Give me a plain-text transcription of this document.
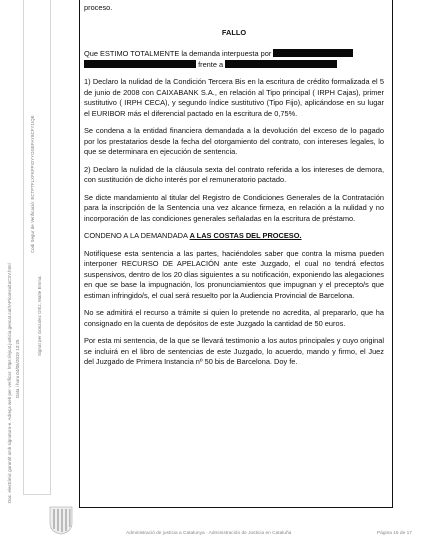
Doc. electrònic garantit amb signatura-e. Adreça web per verificar: https://ejcat.justicia.gencat.cat/IAP/consultaCSV.html
Codi Segur de Verificació: ECTPTFLXFKFPIOYYOGEFAY8CFY1IQE
Data i hora 04/06/2019 13:25
Signat per Gonzalez Ortiz, Maite Emma;

proceso.

FALLO

Que ESTIMO TOTALMENTE la demanda interpuesta por
frente a

1) Declaro la nulidad de la Condición Tercera Bis en la escritura de crédito formalizada el 5 de junio de 2008 con CAIXABANK S.A., en relación al Tipo principal ( IRPH Cajas), primer sustitutivo ( IRPH CECA), y segundo índice sustitutivo (Tipo Fijo), aplicándose en su lugar el EURIBOR más el diferencial pactado en la escritura de 0,75%.

Se condena a la entidad financiera demandada a la devolución del exceso de lo pagado por los prestatarios desde la fecha del otorgamiento del contrato, con intereses legales, lo que se determinara en ejecución de sentencia.

2) Declaro la nulidad de la cláusula sexta del contrato referida a los intereses de demora, con sustitución de dicho interés por el remuneratorio pactado.

Se dicte mandamiento al titular del Registro de Condiciones Generales de la Contratación para la inscripción de la Sentencia una vez alcance firmeza, en relación a la nulidad y no incorporación de las condiciones generales señaladas en la escritura de préstamo.

CONDENO A LA DEMANDADA A LAS COSTAS DEL PROCESO.

Notifíquese esta sentencia a las partes, haciéndoles saber que contra la misma pueden interponer RECURSO DE APELACIÓN ante este Juzgado, el cual no tendrá efectos suspensivos, dentro de los 20 días siguientes a su notificación, exponiendo las alegaciones en que se base la impugnación, los pronunciamientos que impugnan y el precepto/s que estiman infringido/s, el cual será resuelto por la Audiencia Provincial de Barcelona.

No se admitirá el recurso a trámite si quien lo pretende no acredita, al prepararlo, que ha consignado en la cuenta de depósitos de este Juzgado la cantidad de 50 euros.

Por esta mi sentencia, de la que se llevará testimonio a los autos principales y cuyo original se incluirá en el libro de sentencias de este Juzgado, lo acuerdo, mando y firmo, el Juez del Juzgado de Primera Instancia nº 50 bis de Barcelona. Doy fe.

Administració de justícia a Catalunya · Administración de Justicia en Cataluña	Pàgina 16 de 17
